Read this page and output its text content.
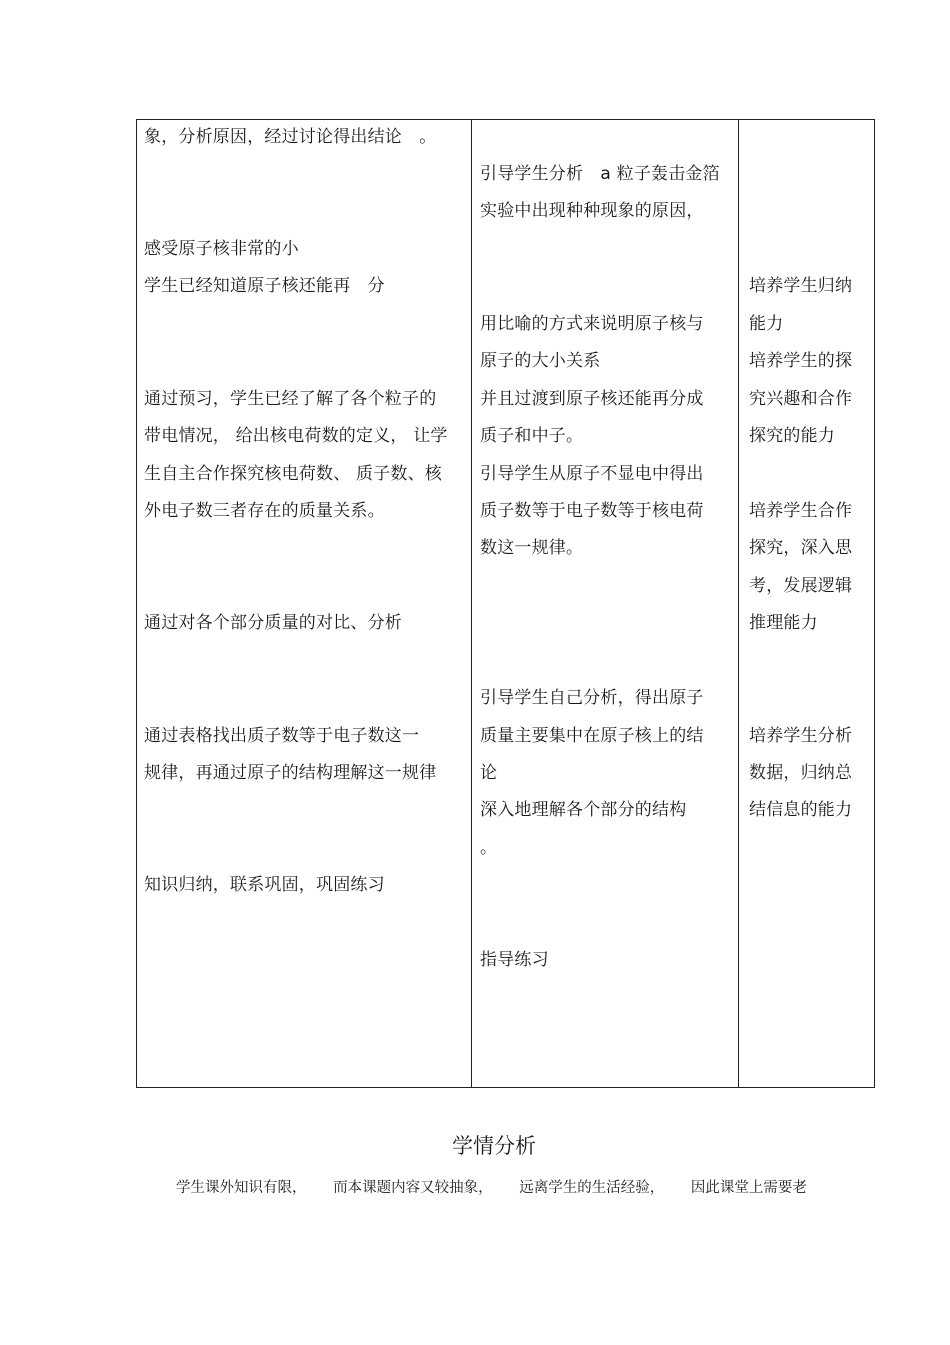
象，分析原因，经过讨论得出结论　。
感受原子核非常的小
学生已经知道原子核还能再　分
通过预习，学生已经了解了各个粒子的
带电情况， 给出核电荷数的定义， 让学
生自主合作探究核电荷数、 质子数、核
外电子数三者存在的质量关系。
通过对各个部分质量的对比、分析
通过表格找出质子数等于电子数这一
规律，再通过原子的结构理解这一规律
知识归纳，联系巩固，巩固练习
引导学生分析　a 粒子轰击金箔
实验中出现种种现象的原因，
用比喻的方式来说明原子核与
原子的大小关系
并且过渡到原子核还能再分成
质子和中子。
引导学生从原子不显电中得出
质子数等于电子数等于核电荷
数这一规律。
引导学生自己分析，得出原子
质量主要集中在原子核上的结
论
深入地理解各个部分的结构
。
指导练习
培养学生归纳
能力
培养学生的探
究兴趣和合作
探究的能力
培养学生合作
探究，深入思
考，发展逻辑
推理能力
培养学生分析
数据，归纳总
结信息的能力
学情分析
学生课外知识有限， 而本课题内容又较抽象， 远离学生的生活经验， 因此课堂上需要老
